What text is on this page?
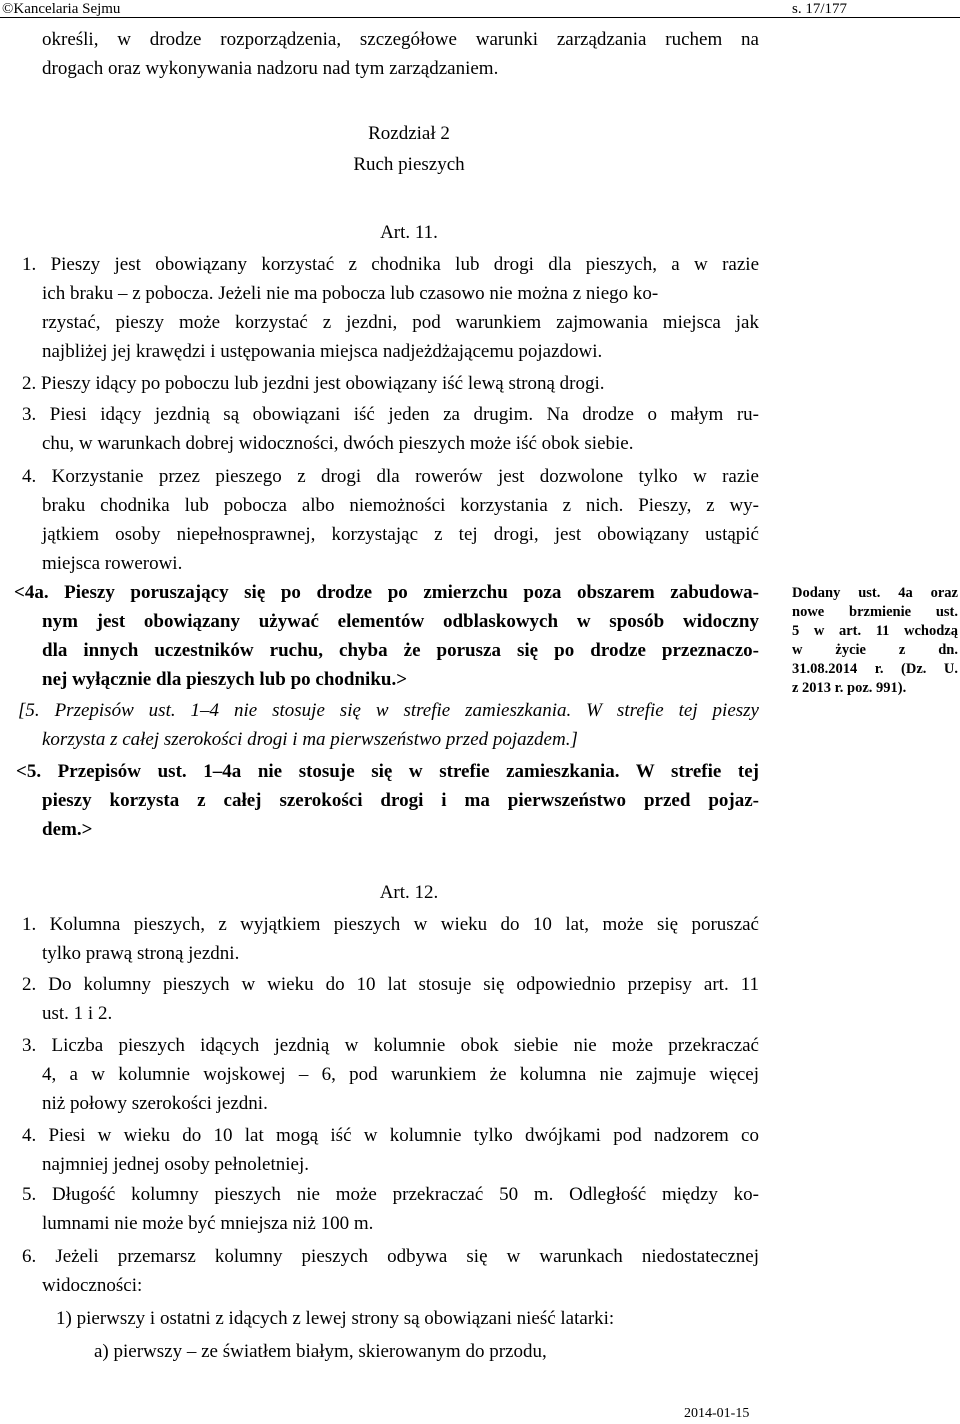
©Kancelaria Sejmu	s. 17/177
określi, w drodze rozporządzenia, szczegółowe warunki zarządzania ruchem na
drogach oraz wykonywania nadzoru nad tym zarządzaniem.
Rozdział 2
Ruch pieszych
Art. 11.
1. Pieszy jest obowiązany korzystać z chodnika lub drogi dla pieszych, a w razie
ich braku – z pobocza. Jeżeli nie ma pobocza lub czasowo nie można z niego ko-
rzystać, pieszy może korzystać z jezdni, pod warunkiem zajmowania miejsca jak
najbliżej jej krawędzi i ustępowania miejsca nadjeżdżającemu pojazdowi.
2. Pieszy idący po poboczu lub jezdni jest obowiązany iść lewą stroną drogi.
3. Piesi idący jezdnią są obowiązani iść jeden za drugim. Na drodze o małym ru-
chu, w warunkach dobrej widoczności, dwóch pieszych może iść obok siebie.
4. Korzystanie przez pieszego z drogi dla rowerów jest dozwolone tylko w razie
braku chodnika lub pobocza albo niemożności korzystania z nich. Pieszy, z wy-
jątkiem osoby niepełnosprawnej, korzystając z tej drogi, jest obowiązany ustąpić
miejsca rowerowi.
<4a. Pieszy poruszający się po drodze po zmierzchu poza obszarem zabudowa-
nym jest obowiązany używać elementów odblaskowych w sposób widoczny
dla innych uczestników ruchu, chyba że porusza się po drodze przeznaczo-
nej wyłącznie dla pieszych lub po chodniku.>
[5. Przepisów ust. 1–4 nie stosuje się w strefie zamieszkania. W strefie tej pieszy
korzysta z całej szerokości drogi i ma pierwszeństwo przed pojazdem.]
<5. Przepisów ust. 1–4a nie stosuje się w strefie zamieszkania. W strefie tej
pieszy korzysta z całej szerokości drogi i ma pierwszeństwo przed pojaz-
dem.>
Dodany ust. 4a oraz
nowe brzmienie ust.
5 w art. 11 wchodzą
w życie z dn.
31.08.2014 r. (Dz. U.
z 2013 r. poz. 991).
Art. 12.
1. Kolumna pieszych, z wyjątkiem pieszych w wieku do 10 lat, może się poruszać
tylko prawą stroną jezdni.
2. Do kolumny pieszych w wieku do 10 lat stosuje się odpowiednio przepisy art. 11
ust. 1 i 2.
3. Liczba pieszych idących jezdnią w kolumnie obok siebie nie może przekraczać
4, a w kolumnie wojskowej – 6, pod warunkiem że kolumna nie zajmuje więcej
niż połowy szerokości jezdni.
4. Piesi w wieku do 10 lat mogą iść w kolumnie tylko dwójkami pod nadzorem co
najmniej jednej osoby pełnoletniej.
5. Długość kolumny pieszych nie może przekraczać 50 m. Odległość między ko-
lumnami nie może być mniejsza niż 100 m.
6. Jeżeli przemarsz kolumny pieszych odbywa się w warunkach niedostatecznej
widoczności:
1) pierwszy i ostatni z idących z lewej strony są obowiązani nieść latarki:
a) pierwszy – ze światłem białym, skierowanym do przodu,
2014-01-15
